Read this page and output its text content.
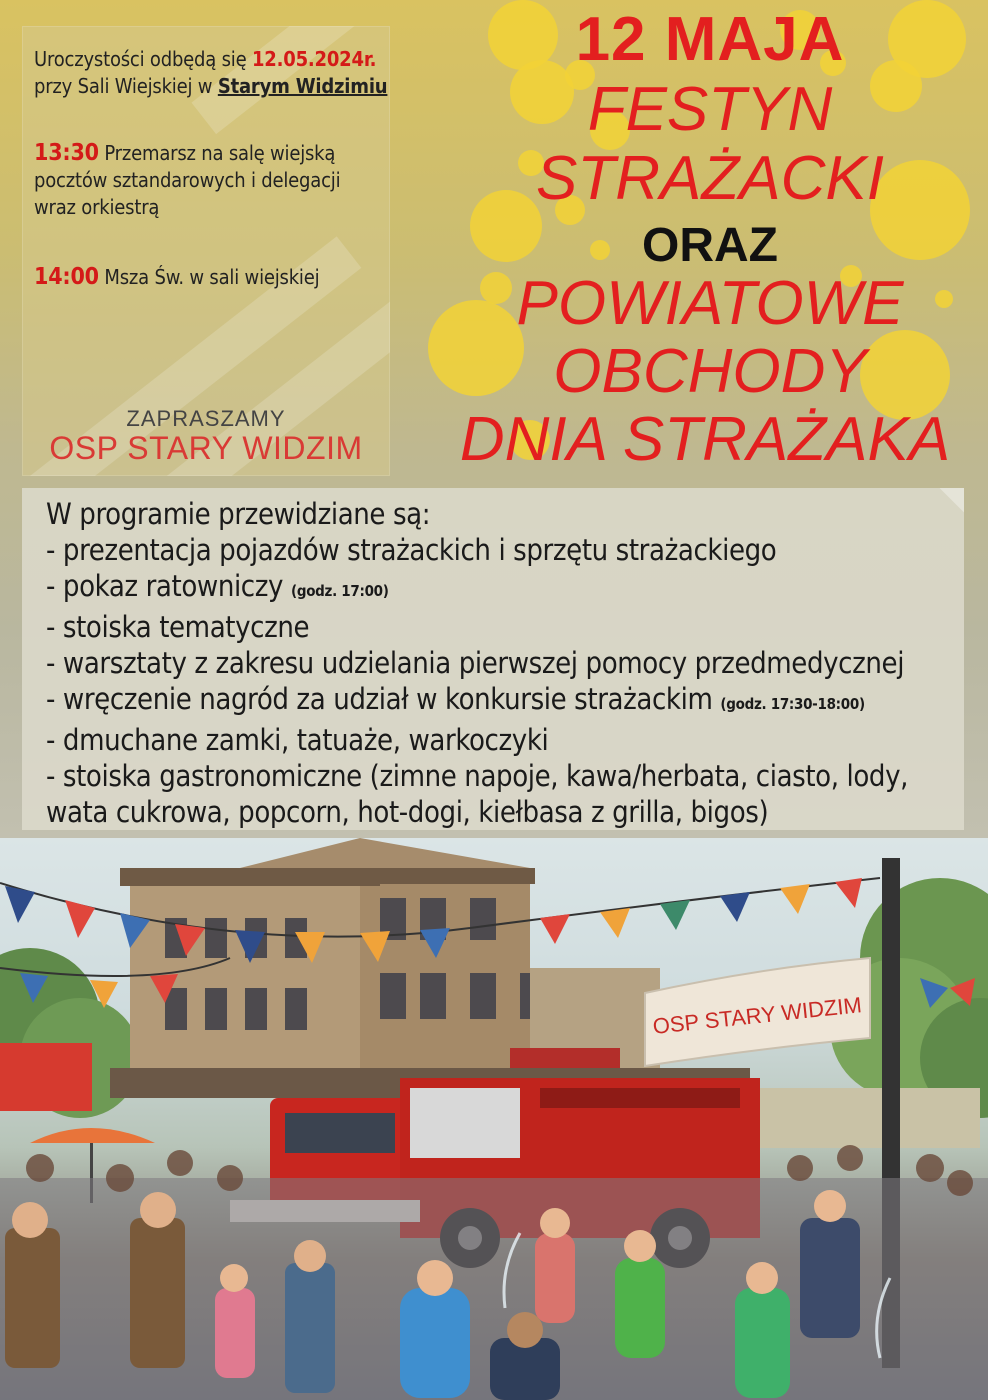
Uroczystości odbędą się 12.05.2024r.
przy Sali Wiejskiej w Starym Widzimiu

13:30 Przemarsz na salę wiejską pocztów sztandarowych i delegacji wraz orkiestrą

14:00 Msza Św. w sali wiejskiej

ZAPRASZAMY
OSP STARY WIDZIM
12 MAJA
FESTYN
STRAŻACKI
ORAZ
POWIATOWE
OBCHODY
DNIA STRAŻAKA
W programie przewidziane są:
- prezentacja pojazdów strażackich i sprzętu strażackiego
- pokaz ratowniczy (godz. 17:00)
- stoiska tematyczne
- warsztaty z zakresu udzielania pierwszej pomocy przedmedycznej
- wręczenie nagród za udział w konkursie strażackim (godz. 17:30-18:00)
- dmuchane zamki, tatuaże, warkoczyki
- stoiska gastronomiczne (zimne napoje, kawa/herbata, ciasto, lody, wata cukrowa, popcorn, hot-dogi, kiełbasa z grilla, bigos)
OSP STARY WIDZIM
